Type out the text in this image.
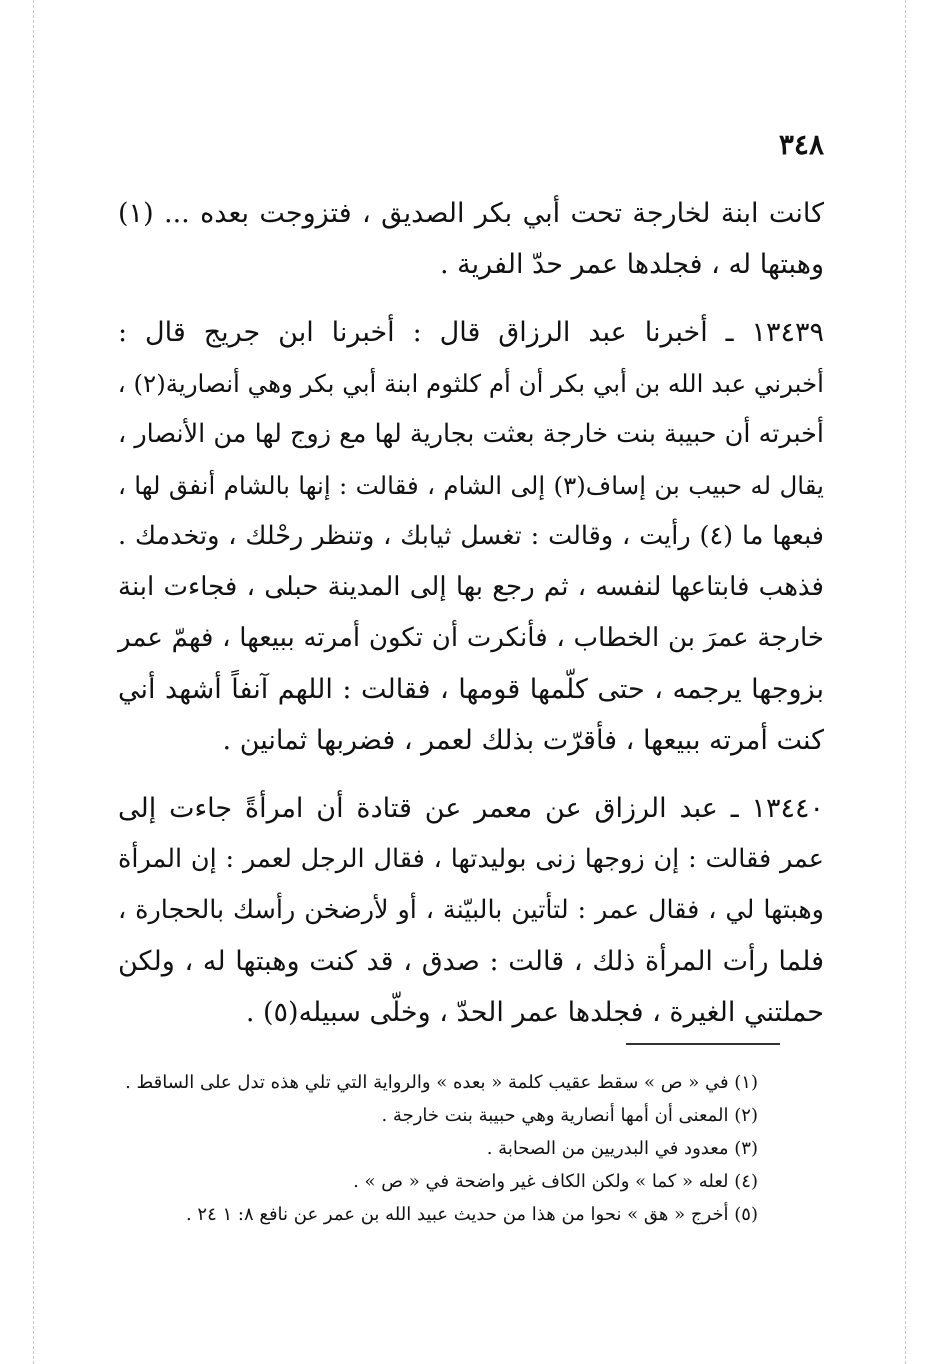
٣٤٨
كانت ابنة لخارجة تحت أبي بكر الصديق ، فتزوجت بعده ... (١)
وهبتها له ، فجلدها عمر حدّ الفرية .
١٣٤٣٩ ـ أخبرنا عبد الرزاق قال : أخبرنا ابن جريج قال :
أخبرني عبد الله بن أبي بكر أن أم كلثوم ابنة أبي بكر وهي أنصارية(٢) ،
أخبرته أن حبيبة بنت خارجة بعثت بجارية لها مع زوج لها من الأنصار ،
يقال له حبيب بن إساف(٣) إلى الشام ، فقالت : إنها بالشام أنفق لها ،
فبعها ما (٤) رأيت ، وقالت : تغسل ثيابك ، وتنظر رحْلك ، وتخدمك .
فذهب فابتاعها لنفسه ، ثم رجع بها إلى المدينة حبلى ، فجاءت ابنة
خارجة عمرَ بن الخطاب ، فأنكرت أن تكون أمرته ببيعها ، فهمّ عمر
بزوجها يرجمه ، حتى كلّمها قومها ، فقالت : اللهم آنفاً أشهد أني
كنت أمرته ببيعها ، فأقرّت بذلك لعمر ، فضربها ثمانين .
١٣٤٤٠ ـ عبد الرزاق عن معمر عن قتادة أن امرأةً جاءت إلى
عمر فقالت : إن زوجها زنى بوليدتها ، فقال الرجل لعمر : إن المرأة
وهبتها لي ، فقال عمر : لتأتين بالبيّنة ، أو لأرضخن رأسك بالحجارة ،
فلما رأت المرأة ذلك ، قالت : صدق ، قد كنت وهبتها له ، ولكن
حملتني الغيرة ، فجلدها عمر الحدّ ، وخلّى سبيله(٥) .
(١) في « ص » سقط عقيب كلمة « بعده » والرواية التي تلي هذه تدل على الساقط .
(٢) المعنى أن أمها أنصارية وهي حبيبة بنت خارجة .
(٣) معدود في البدريين من الصحابة .
(٤) لعله « كما » ولكن الكاف غير واضحة في « ص » .
(٥) أخرج « هق » نحوا من هذا من حديث عبيد الله بن عمر عن نافع ٨: ١ ٢٤ .
